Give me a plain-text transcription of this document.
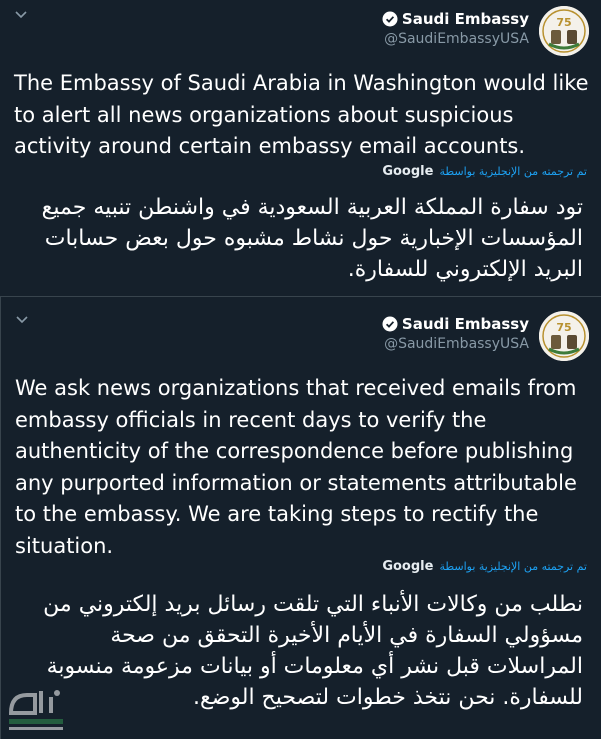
Saudi Embassy
@SaudiEmbassyUSA
75
The Embassy of Saudi Arabia in Washington would like to alert all news organizations about suspicious activity around certain embassy email accounts.
تم ترجمته من الإنجليزية بواسطة
Google
تود سفارة المملكة العربية السعودية في واشنطن تنبيه جميع المؤسسات الإخبارية حول نشاط مشبوه حول بعض حسابات البريد الإلكتروني للسفارة.
Saudi Embassy
@SaudiEmbassyUSA
75
We ask news organizations that received emails from embassy officials in recent days to verify the authenticity of the correspondence before publishing any purported information or statements attributable to the embassy. We are taking steps to rectify the situation.
تم ترجمته من الإنجليزية بواسطة
Google
نطلب من وكالات الأنباء التي تلقت رسائل بريد إلكتروني من مسؤولي السفارة في الأيام الأخيرة التحقق من صحة المراسلات قبل نشر أي معلومات أو بيانات مزعومة منسوبة للسفارة. نحن نتخذ خطوات لتصحيح الوضع.
